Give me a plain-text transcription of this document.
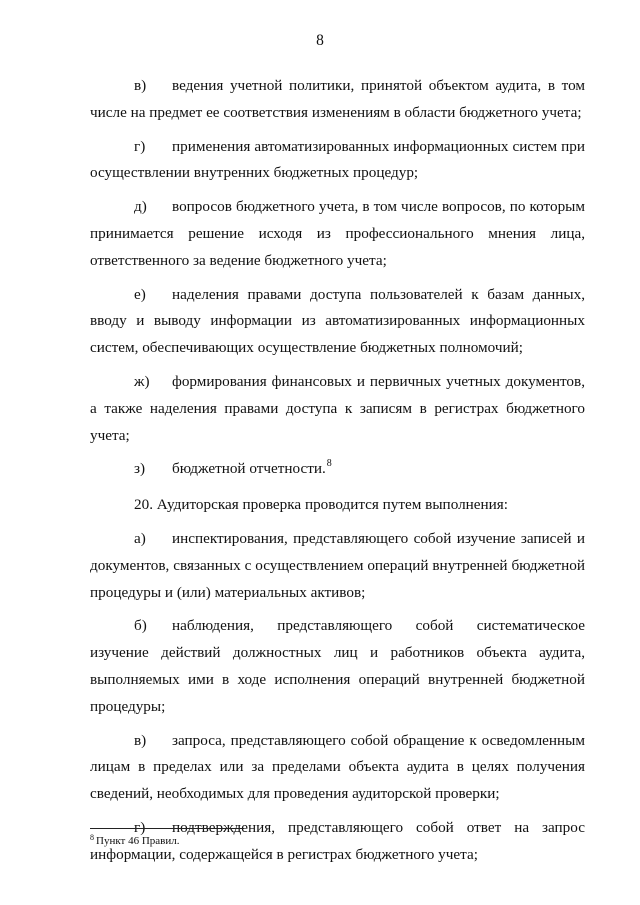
8

в) ведения учетной политики, принятой объектом аудита, в том числе на предмет ее соответствия изменениям в области бюджетного учета;

г) применения автоматизированных информационных систем при осуществлении внутренних бюджетных процедур;

д) вопросов бюджетного учета, в том числе вопросов, по которым принимается решение исходя из профессионального мнения лица, ответственного за ведение бюджетного учета;

е) наделения правами доступа пользователей к базам данных, вводу и выводу информации из автоматизированных информационных систем, обеспечивающих осуществление бюджетных полномочий;

ж) формирования финансовых и первичных учетных документов, а также наделения правами доступа к записям в регистрах бюджетного учета;

з) бюджетной отчетности.$^8$

20. Аудиторская проверка проводится путем выполнения:

а) инспектирования, представляющего собой изучение записей и документов, связанных с осуществлением операций внутренней бюджетной процедуры и (или) материальных активов;

б) наблюдения, представляющего собой систематическое изучение действий должностных лиц и работников объекта аудита, выполняемых ими в ходе исполнения операций внутренней бюджетной процедуры;

в) запроса, представляющего собой обращение к осведомленным лицам в пределах или за пределами объекта аудита в целях получения сведений, необходимых для проведения аудиторской проверки;

г) подтверждения, представляющего собой ответ на запрос информации, содержащейся в регистрах бюджетного учета;

$^8$ Пункт 46 Правил.
